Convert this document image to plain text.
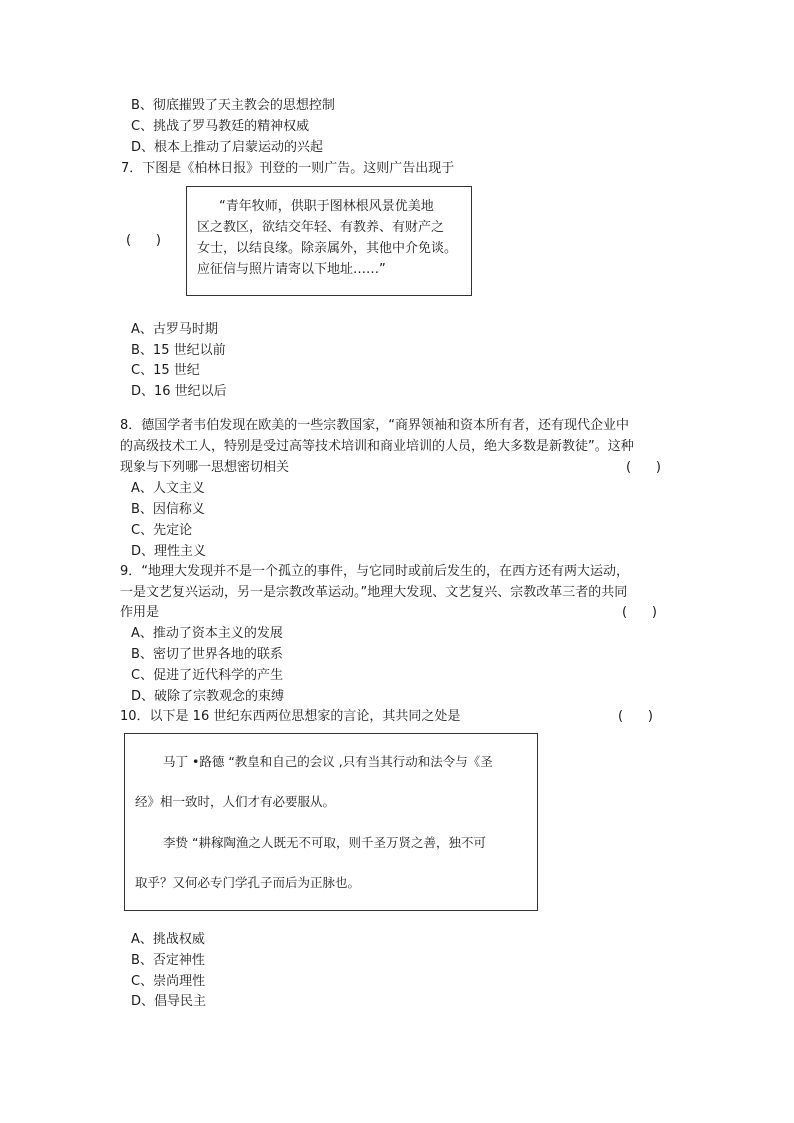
B、彻底摧毁了天主教会的思想控制
C、挑战了罗马教廷的精神权威
D、根本上推动了启蒙运动的兴起
7．下图是《柏林日报》刊登的一则广告。这则广告出现于
(      )
“青年牧师，供职于图林根风景优美地
区之教区，欲结交年轻、有教养、有财产之
女士，以结良缘。除亲属外，其他中介免谈。
应征信与照片请寄以下地址……”
A、古罗马时期
B、15 世纪以前
C、15 世纪
D、16 世纪以后
8．德国学者韦伯发现在欧美的一些宗教国家，“商界领袖和资本所有者，还有现代企业中
的高级技术工人，特别是受过高等技术培训和商业培训的人员，绝大多数是新教徒”。这种
现象与下列哪一思想密切相关	(      )
A、人文主义
B、因信称义
C、先定论
D、理性主义
9．“地理大发现并不是一个孤立的事件，与它同时或前后发生的，在西方还有两大运动，
一是文艺复兴运动，另一是宗教改革运动。”地理大发现、文艺复兴、宗教改革三者的共同
作用是	(      )
A、推动了资本主义的发展
B、密切了世界各地的联系
C、促进了近代科学的产生
D、破除了宗教观念的束缚
10．以下是 16 世纪东西两位思想家的言论，其共同之处是	(      )
马丁 •路德 “教皇和自己的会议 ,只有当其行动和法令与《圣
经》相一致时，人们才有必要服从。
李贽 “耕稼陶渔之人既无不可取，则千圣万贤之善，独不可
取乎？又何必专门学孔子而后为正脉也。
A、挑战权威
B、否定神性
C、崇尚理性
D、倡导民主
